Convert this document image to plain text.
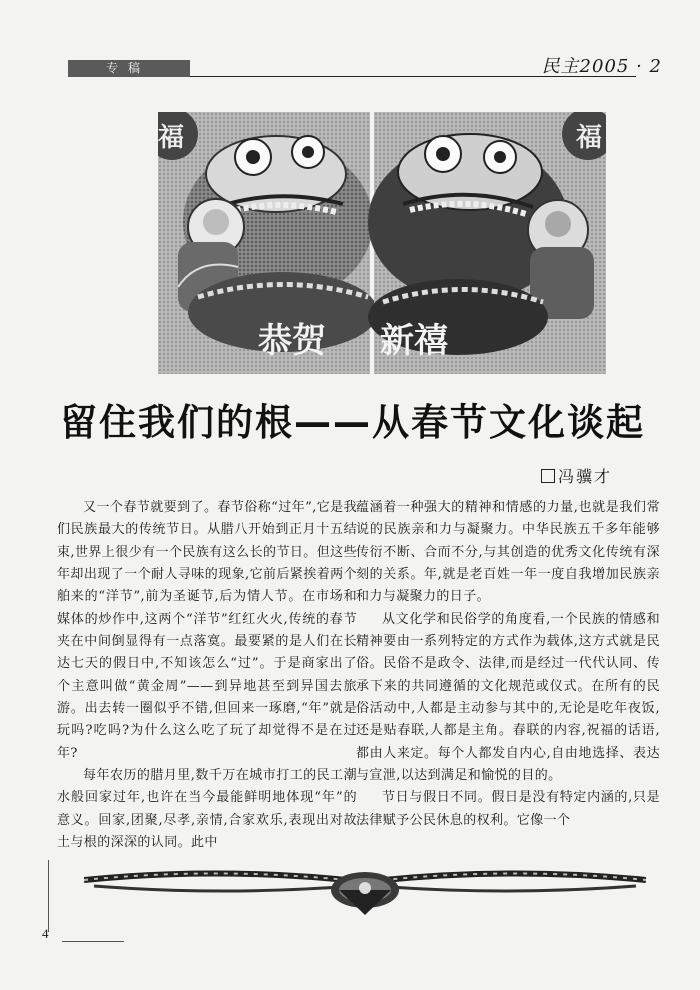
专稿	民主2005 · 2
恭贺
福
新禧
福
留住我们的根——从春节文化谈起
冯骥才

又一个春节就要到了。春节俗称“过年”,它是我们民族最大的传统节日。从腊八开始到正月十五结束,世界上很少有一个民族有这么长的节日。但这些年却出现了一个耐人寻味的现象,它前后紧挨着两个舶来的“洋节”,前为圣诞节,后为情人节。在市场和媒体的炒作中,这两个“洋节”红红火火,传统的春节夹在中间倒显得有一点落寞。最要紧的是人们在长达七天的假日中,不知该怎么“过”。于是商家出了个主意叫做“黄金周”——到异地甚至到异国去旅游。出去转一圈似乎不错,但回来一琢磨,“年”就是玩吗?吃吗?为什么这么吃了玩了却觉得不是在过年?

每年农历的腊月里,数千万在城市打工的民工潮水般回家过年,也许在当今最能鲜明地体现“年”的意义。回家,团聚,尽孝,亲情,合家欢乐,表现出对故土与根的深深的认同。此中

蕴涵着一种强大的精神和情感的力量,也就是我们常说的民族亲和力与凝聚力。中华民族五千多年能够传衍不断、合而不分,与其创造的优秀文化传统有深刻的关系。年,就是老百姓一年一度自我增加民族亲和力与凝聚力的日子。

从文化学和民俗学的角度看,一个民族的情感和精神要由一系列特定的方式作为载体,这方式就是民俗。民俗不是政令、法律,而是经过一代代认同、传承下来的共同遵循的文化规范或仪式。在所有的民俗活动中,人都是主动参与其中的,无论是吃年夜饭,还是贴春联,人都是主角。春联的内容,祝福的话语,都由人来定。每个人都发自内心,自由地选择、表达与宣泄,以达到满足和愉悦的目的。

节日与假日不同。假日是没有特定内涵的,只是法律赋予公民休息的权利。它像一个

4
